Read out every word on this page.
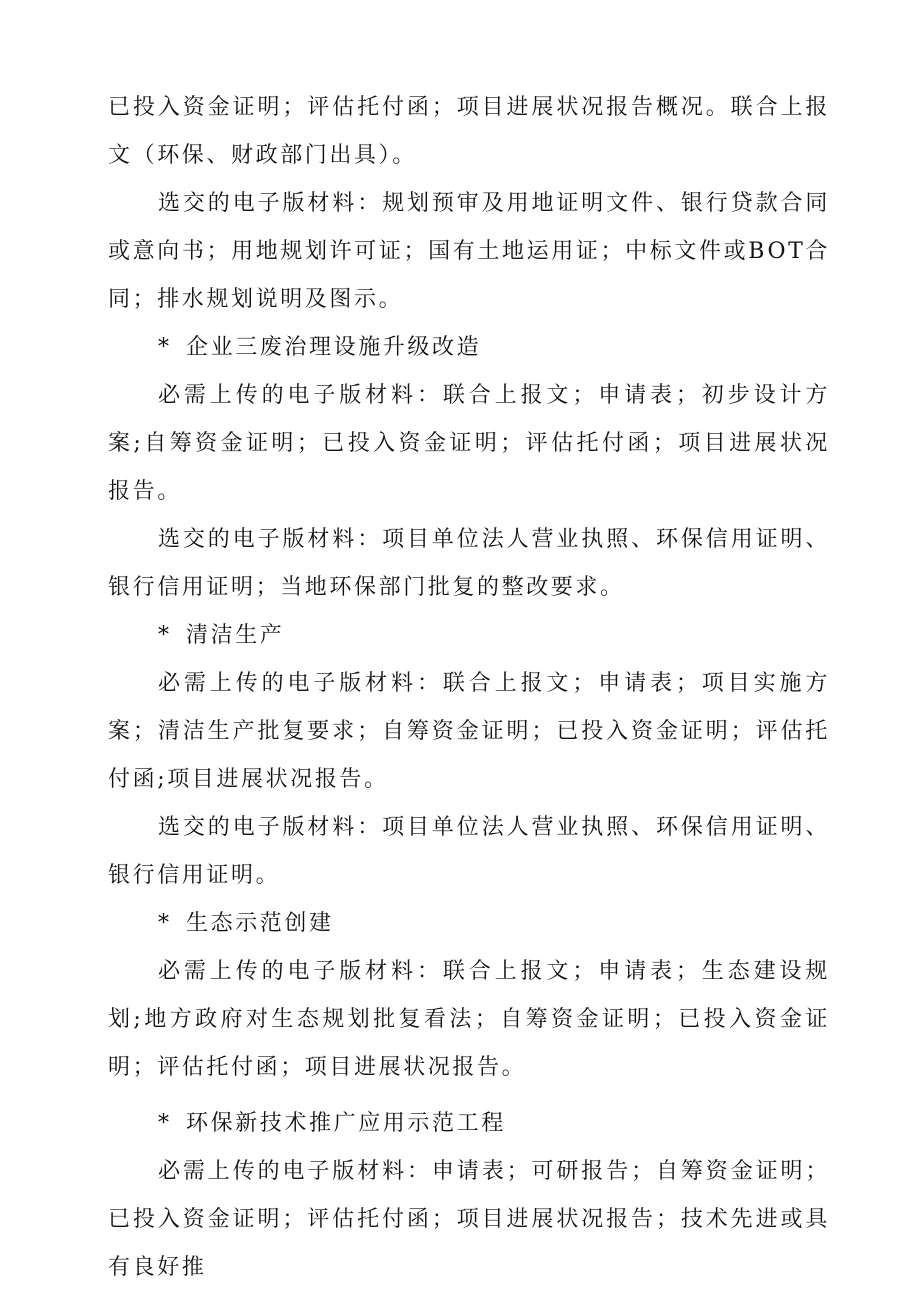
已投入资金证明；评估托付函；项目进展状况报告概况。联合上报文（环保、财政部门出具）。

选交的电子版材料：规划预审及用地证明文件、银行贷款合同或意向书；用地规划许可证；国有土地运用证；中标文件或BOT合同；排水规划说明及图示。

* 企业三废治理设施升级改造

必需上传的电子版材料：联合上报文；申请表；初步设计方案;自筹资金证明；已投入资金证明；评估托付函；项目进展状况报告。

选交的电子版材料：项目单位法人营业执照、环保信用证明、银行信用证明；当地环保部门批复的整改要求。

* 清洁生产

必需上传的电子版材料：联合上报文；申请表；项目实施方案；清洁生产批复要求；自筹资金证明；已投入资金证明；评估托付函;项目进展状况报告。

选交的电子版材料：项目单位法人营业执照、环保信用证明、银行信用证明。

* 生态示范创建

必需上传的电子版材料：联合上报文；申请表；生态建设规划;地方政府对生态规划批复看法；自筹资金证明；已投入资金证明；评估托付函；项目进展状况报告。

* 环保新技术推广应用示范工程

必需上传的电子版材料：申请表；可研报告；自筹资金证明；已投入资金证明；评估托付函；项目进展状况报告；技术先进或具有良好推
